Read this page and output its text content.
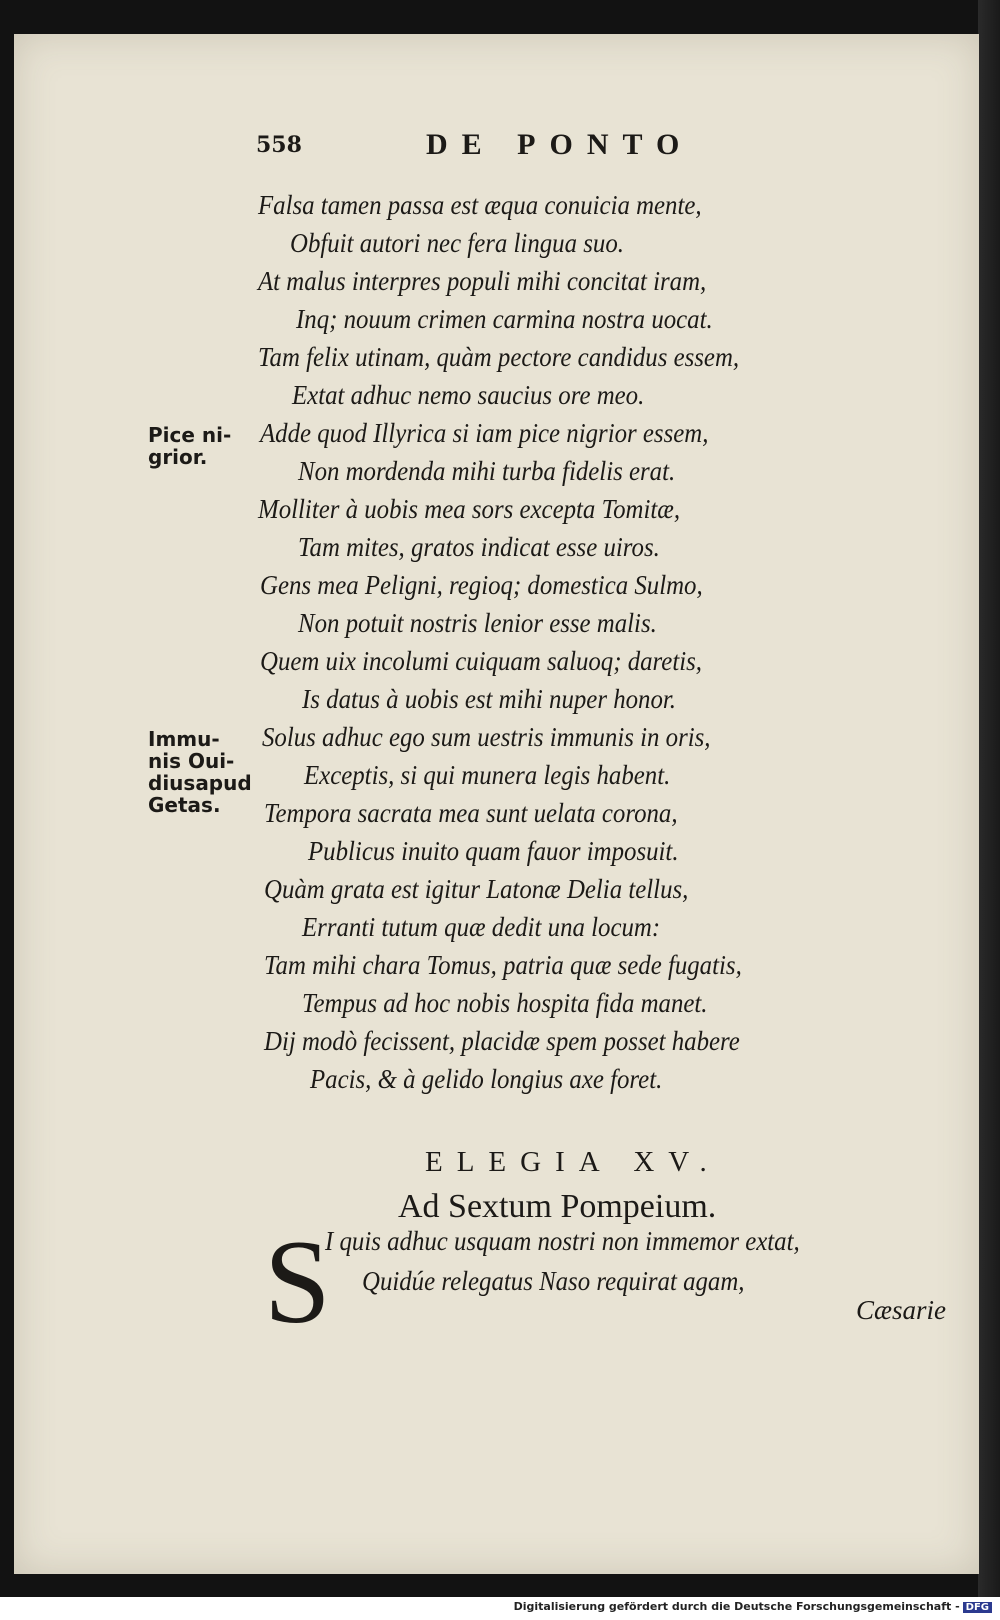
558	DE PONTO
Falsa tamen passa est æqua conuicia mente,
Obfuit autori nec fera lingua suo.
At malus interpres populi mihi concitat iram,
Inq; nouum crimen carmina nostra uocat.
Tam felix utinam, quàm pectore candidus essem,
Extat adhuc nemo saucius ore meo.
Adde quod Illyrica si iam pice nigrior essem,
Non mordenda mihi turba fidelis erat.
Molliter à uobis mea sors excepta Tomitæ,
Tam mites, gratos indicat esse uiros.
Gens mea Peligni, regioq; domestica Sulmo,
Non potuit nostris lenior esse malis.
Quem uix incolumi cuiquam saluoq; daretis,
Is datus à uobis est mihi nuper honor.
Solus adhuc ego sum uestris immunis in oris,
Exceptis, si qui munera legis habent.
Tempora sacrata mea sunt uelata corona,
Publicus inuito quam fauor imposuit.
Quàm grata est igitur Latonæ Delia tellus,
Erranti tutum quæ dedit una locum:
Tam mihi chara Tomus, patria quæ sede fugatis,
Tempus ad hoc nobis hospita fida manet.
Dij modò fecissent, placidæ spem posset habere
Pacis, & à gelido longius axe foret.
Pice ni-
grior.
Immu-
nis Oui-
diusapud
Getas.
ELEGIA XV.
Ad Sextum Pompeium.
S
I quis adhuc usquam nostri non immemor extat,
Quidúe relegatus Naso requirat agam,
Cæsarie
Digitalisierung gefördert durch die Deutsche Forschungsgemeinschaft - DFG
